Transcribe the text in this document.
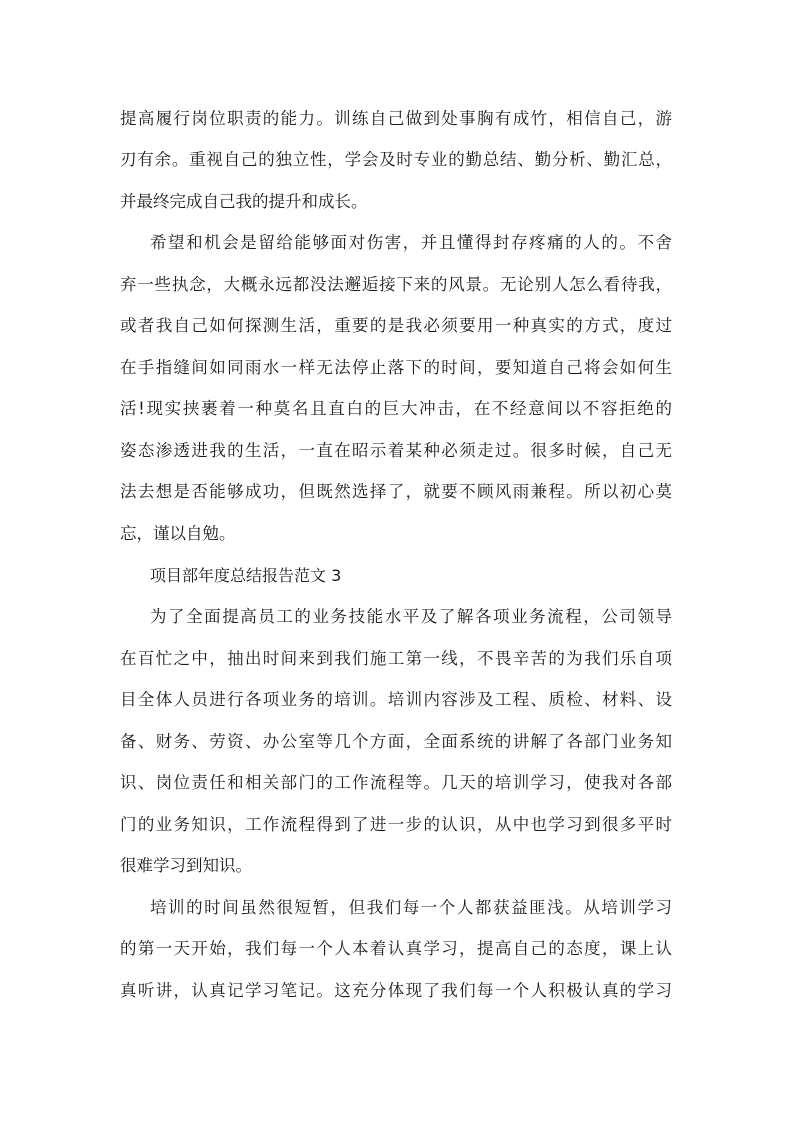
提高履行岗位职责的能力。训练自己做到处事胸有成竹，相信自己，游
刃有余。重视自己的独立性，学会及时专业的勤总结、勤分析、勤汇总，
并最终完成自己我的提升和成长。
希望和机会是留给能够面对伤害，并且懂得封存疼痛的人的。不舍
弃一些执念，大概永远都没法邂逅接下来的风景。无论别人怎么看待我，
或者我自己如何探测生活，重要的是我必须要用一种真实的方式，度过
在手指缝间如同雨水一样无法停止落下的时间，要知道自己将会如何生
活!现实挟裹着一种莫名且直白的巨大冲击，在不经意间以不容拒绝的
姿态渗透进我的生活，一直在昭示着某种必须走过。很多时候，自己无
法去想是否能够成功，但既然选择了，就要不顾风雨兼程。所以初心莫
忘，谨以自勉。
项目部年度总结报告范文 3
为了全面提高员工的业务技能水平及了解各项业务流程，公司领导
在百忙之中，抽出时间来到我们施工第一线，不畏辛苦的为我们乐自项
目全体人员进行各项业务的培训。培训内容涉及工程、质检、材料、设
备、财务、劳资、办公室等几个方面，全面系统的讲解了各部门业务知
识、岗位责任和相关部门的工作流程等。几天的培训学习，使我对各部
门的业务知识，工作流程得到了进一步的认识，从中也学习到很多平时
很难学习到知识。
培训的时间虽然很短暂，但我们每一个人都获益匪浅。从培训学习
的第一天开始，我们每一个人本着认真学习，提高自己的态度，课上认
真听讲，认真记学习笔记。这充分体现了我们每一个人积极认真的学习
